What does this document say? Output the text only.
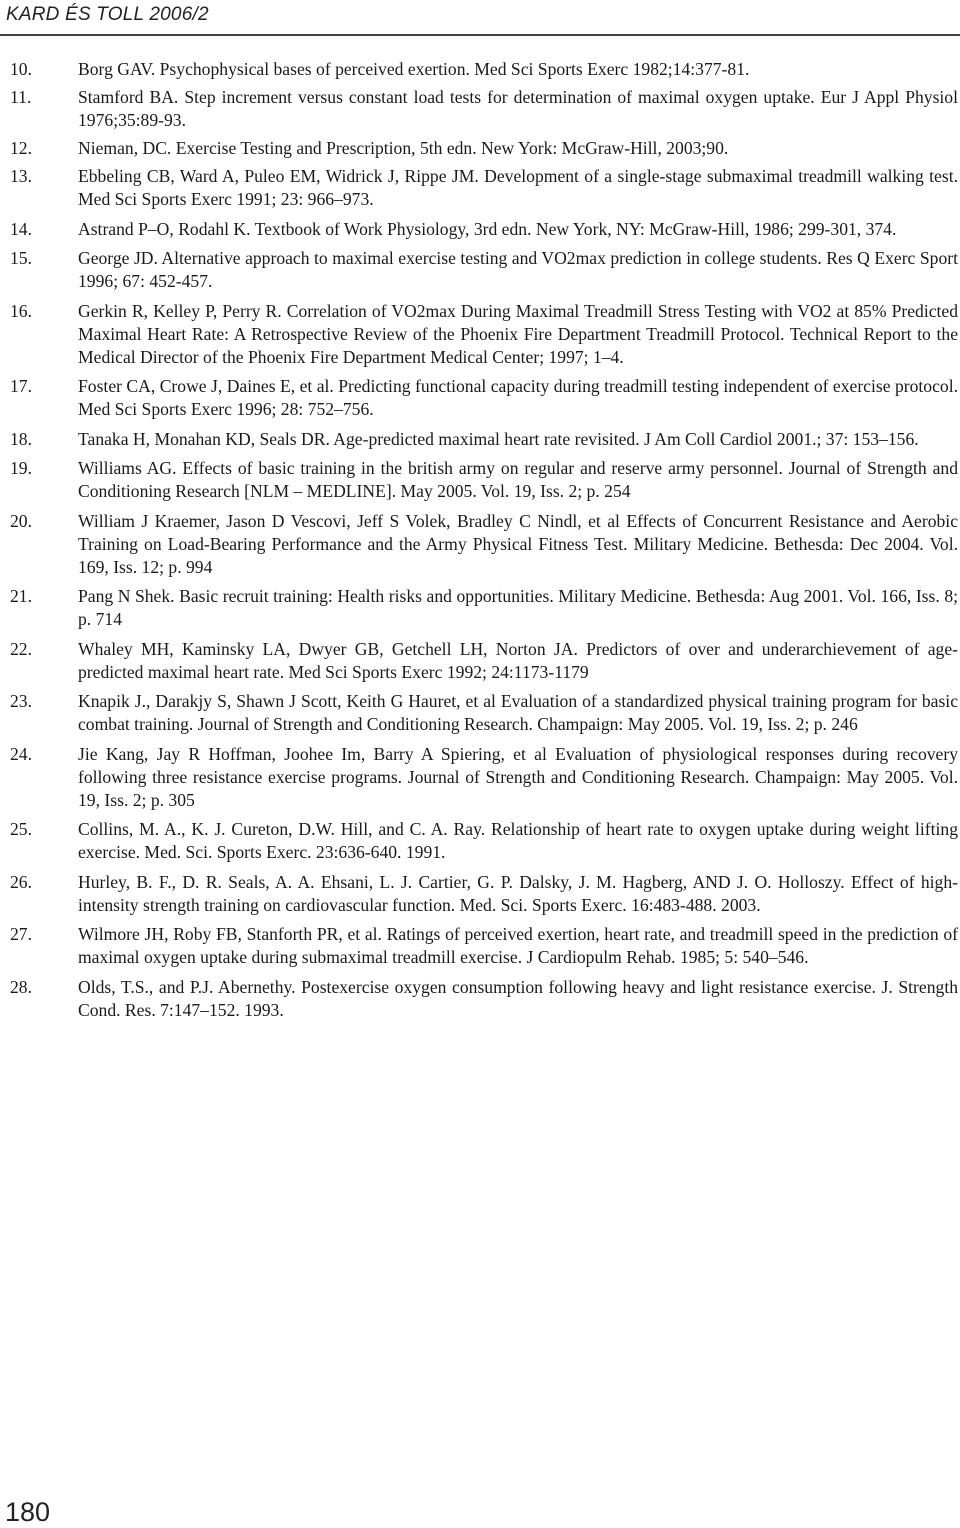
KARD ÉS TOLL 2006/2
10.	Borg GAV. Psychophysical bases of perceived exertion. Med Sci Sports Exerc 1982;14:377-81.
11.	Stamford BA. Step increment versus constant load tests for determination of maximal oxygen uptake. Eur J Appl Physiol 1976;35:89-93.
12.	Nieman, DC. Exercise Testing and Prescription, 5th edn. New York: McGraw-Hill, 2003;90.
13.	Ebbeling CB, Ward A, Puleo EM, Widrick J, Rippe JM. Development of a single-stage submaximal treadmill walking test. Med Sci Sports Exerc 1991; 23: 966–973.
14.	Astrand P–O, Rodahl K. Textbook of Work Physiology, 3rd edn. New York, NY: McGraw-Hill, 1986; 299-301, 374.
15.	George JD. Alternative approach to maximal exercise testing and VO2max prediction in college students. Res Q Exerc Sport 1996; 67: 452-457.
16.	Gerkin R, Kelley P, Perry R. Correlation of VO2max During Maximal Treadmill Stress Testing with VO2 at 85% Predicted Maximal Heart Rate: A Retrospective Review of the Phoenix Fire Department Treadmill Protocol. Technical Report to the Medical Director of the Phoenix Fire Department Medical Center; 1997; 1–4.
17.	Foster CA, Crowe J, Daines E, et al. Predicting functional capacity during treadmill testing independent of exercise protocol. Med Sci Sports Exerc 1996; 28: 752–756.
18.	Tanaka H, Monahan KD, Seals DR. Age-predicted maximal heart rate revisited. J Am Coll Cardiol 2001.; 37: 153–156.
19.	Williams AG. Effects of basic training in the british army on regular and reserve army personnel. Journal of Strength and Conditioning Research [NLM – MEDLINE]. May 2005. Vol. 19, Iss. 2; p. 254
20.	William J Kraemer, Jason D Vescovi, Jeff S Volek, Bradley C Nindl, et al Effects of Concurrent Resistance and Aerobic Training on Load-Bearing Performance and the Army Physical Fitness Test. Military Medicine. Bethesda: Dec 2004. Vol. 169, Iss. 12; p. 994
21.	Pang N Shek. Basic recruit training: Health risks and opportunities. Military Medicine. Bethesda: Aug 2001. Vol. 166, Iss. 8; p. 714
22.	Whaley MH, Kaminsky LA, Dwyer GB, Getchell LH, Norton JA. Predictors of over and underarchievement of age-predicted maximal heart rate. Med Sci Sports Exerc 1992; 24:1173-1179
23.	Knapik J., Darakjy S, Shawn J Scott, Keith G Hauret, et al Evaluation of a standardized physical training program for basic combat training. Journal of Strength and Conditioning Research. Champaign: May 2005. Vol. 19, Iss. 2; p. 246
24.	Jie Kang, Jay R Hoffman, Joohee Im, Barry A Spiering, et al Evaluation of physiological responses during recovery following three resistance exercise programs. Journal of Strength and Conditioning Research. Champaign: May 2005. Vol. 19, Iss. 2; p. 305
25.	Collins, M. A., K. J. Cureton, D.W. Hill, and C. A. Ray. Relationship of heart rate to oxygen uptake during weight lifting exercise. Med. Sci. Sports Exerc. 23:636-640. 1991.
26.	Hurley, B. F., D. R. Seals, A. A. Ehsani, L. J. Cartier, G. P. Dalsky, J. M. Hagberg, AND J. O. Holloszy. Effect of high-intensity strength training on cardiovascular function. Med. Sci. Sports Exerc. 16:483-488. 2003.
27.	Wilmore JH, Roby FB, Stanforth PR, et al. Ratings of perceived exertion, heart rate, and treadmill speed in the prediction of maximal oxygen uptake during submaximal treadmill exercise. J Cardiopulm Rehab. 1985; 5: 540–546.
28.	Olds, T.S., and P.J. Abernethy. Postexercise oxygen consumption following heavy and light resistance exercise. J. Strength Cond. Res. 7:147–152. 1993.
180
